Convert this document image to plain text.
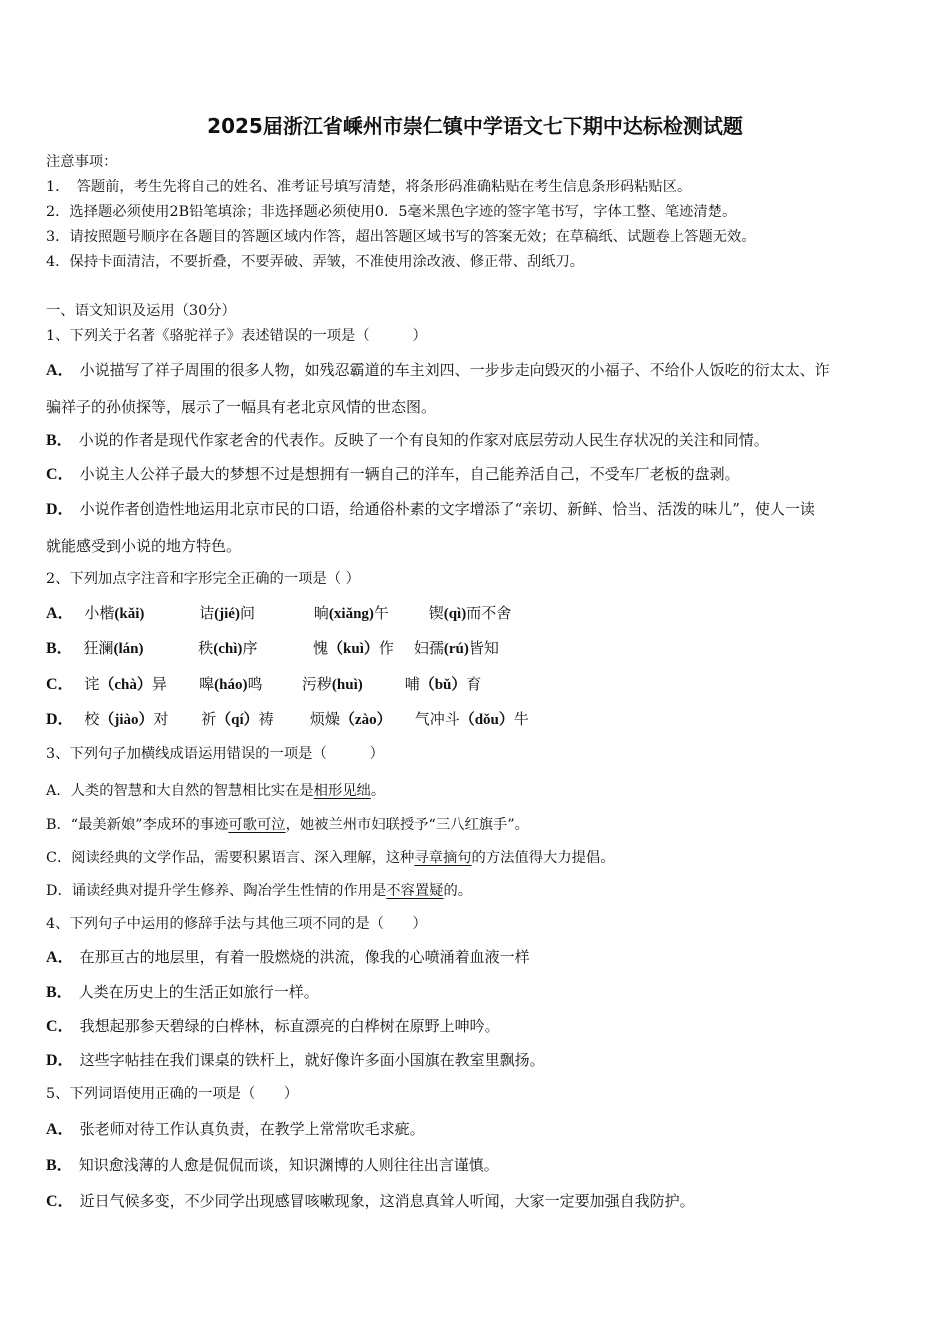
2025届浙江省嵊州市崇仁镇中学语文七下期中达标检测试题
注意事项：
1．　答题前，考生先将自己的姓名、准考证号填写清楚，将条形码准确粘贴在考生信息条形码粘贴区。
2．选择题必须使用2B铅笔填涂；非选择题必须使用0．5毫米黑色字迹的签字笔书写，字体工整、笔迹清楚。
3．请按照题号顺序在各题目的答题区域内作答，超出答题区域书写的答案无效；在草稿纸、试题卷上答题无效。
4．保持卡面清洁，不要折叠，不要弄破、弄皱，不准使用涂改液、修正带、刮纸刀。
一、语文知识及运用（30分）
1、下列关于名著《骆驼祥子》表述错误的一项是（　　　）
A． 小说描写了祥子周围的很多人物，如残忍霸道的车主刘四、一步步走向毁灭的小福子、不给仆人饭吃的衍太太、诈
骗祥子的孙侦探等，展示了一幅具有老北京风情的世态图。
B． 小说的作者是现代作家老舍的代表作。反映了一个有良知的作家对底层劳动人民生存状况的关注和同情。
C． 小说主人公祥子最大的梦想不过是想拥有一辆自己的洋车，自己能养活自己，不受车厂老板的盘剥。
D． 小说作者创造性地运用北京市民的口语，给通俗朴素的文字增添了“亲切、新鲜、恰当、活泼的味儿”，使人一读
就能感受到小说的地方特色。
2、下列加点字注音和字形完全正确的一项是（ ）
A． 小楷(kǎi)	诘(jié)问	晌(xiǎng)午	锲(qì)而不舍
B． 狂澜(lán)	秩(chì)序	愧（kuì）作 妇孺(rú)皆知
C． 诧（chà）异 嗥(háo)鸣	污秽(huì)	哺（bǔ）育
D． 校（jiào）对 祈（qí）祷 烦燥（zào） 气冲斗（dǒu）牛
3、下列句子加横线成语运用错误的一项是（　　　）
A．人类的智慧和大自然的智慧相比实在是相形见绌。
B．“最美新娘”李成环的事迹可歌可泣，她被兰州市妇联授予“三八红旗手”。
C．阅读经典的文学作品，需要积累语言、深入理解，这种寻章摘句的方法值得大力提倡。
D．诵读经典对提升学生修养、陶冶学生性情的作用是不容置疑的。
4、下列句子中运用的修辞手法与其他三项不同的是（　　）
A． 在那亘古的地层里，有着一股燃烧的洪流，像我的心喷涌着血液一样
B． 人类在历史上的生活正如旅行一样。
C． 我想起那参天碧绿的白桦林，标直漂亮的白桦树在原野上呻吟。
D． 这些字帖挂在我们课桌的铁杆上，就好像许多面小国旗在教室里飘扬。
5、下列词语使用正确的一项是（　　）
A． 张老师对待工作认真负责，在教学上常常吹毛求疵。
B． 知识愈浅薄的人愈是侃侃而谈，知识渊博的人则往往出言谨慎。
C． 近日气候多变，不少同学出现感冒咳嗽现象，这消息真耸人听闻，大家一定要加强自我防护。
